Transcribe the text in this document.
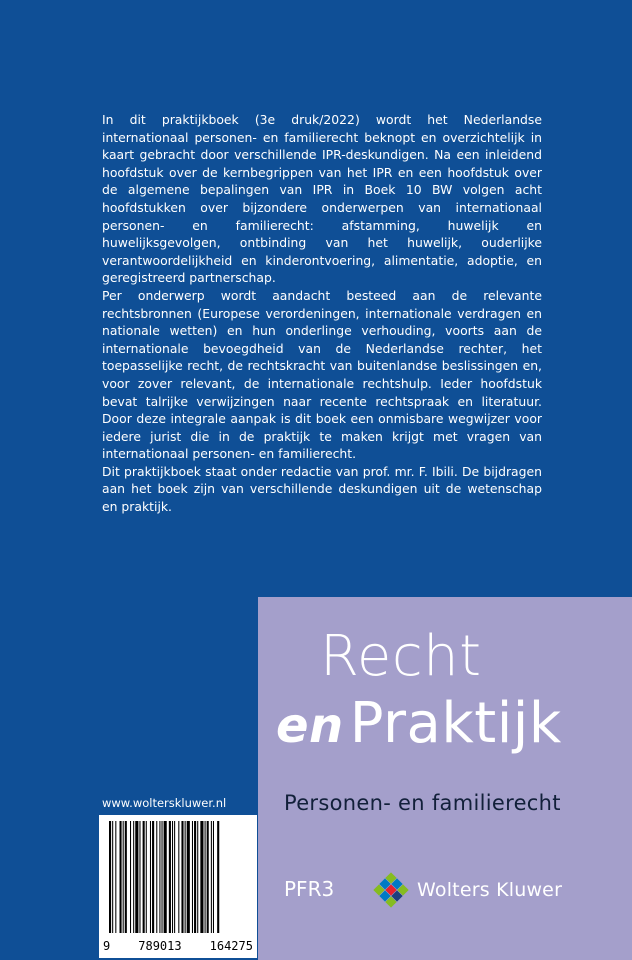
In dit praktijkboek (3e druk/2022) wordt het Nederlandse internationaal personen- en familierecht beknopt en overzichtelijk in kaart gebracht door verschillende IPR-deskundigen. Na een inleidend hoofdstuk over de kernbegrippen van het IPR en een hoofdstuk over de algemene bepalingen van IPR in Boek 10 BW volgen acht hoofdstukken over bijzondere onderwerpen van internationaal personen- en familierecht: afstamming, huwelijk en huwelijksgevolgen, ontbinding van het huwelijk, ouderlijke verantwoordelijkheid en kinderontvoering, alimentatie, adoptie, en geregistreerd partnerschap.

Per onderwerp wordt aandacht besteed aan de relevante rechtsbronnen (Europese verordeningen, internationale verdragen en nationale wetten) en hun onderlinge verhouding, voorts aan de internationale bevoegdheid van de Nederlandse rechter, het toepasselijke recht, de rechtskracht van buitenlandse beslissingen en, voor zover relevant, de internationale rechtshulp. Ieder hoofdstuk bevat talrijke verwijzingen naar recente rechtspraak en literatuur. Door deze integrale aanpak is dit boek een onmisbare wegwijzer voor iedere jurist die in de praktijk te maken krijgt met vragen van internationaal personen- en familierecht.

Dit praktijkboek staat onder redactie van prof. mr. F. Ibili. De bijdragen aan het boek zijn van verschillende deskundigen uit de wetenschap en praktijk.

Recht
en Praktijk
Personen- en familierecht
PFR3	Wolters Kluwer
www.wolterskluwer.nl
9 789013 164275
